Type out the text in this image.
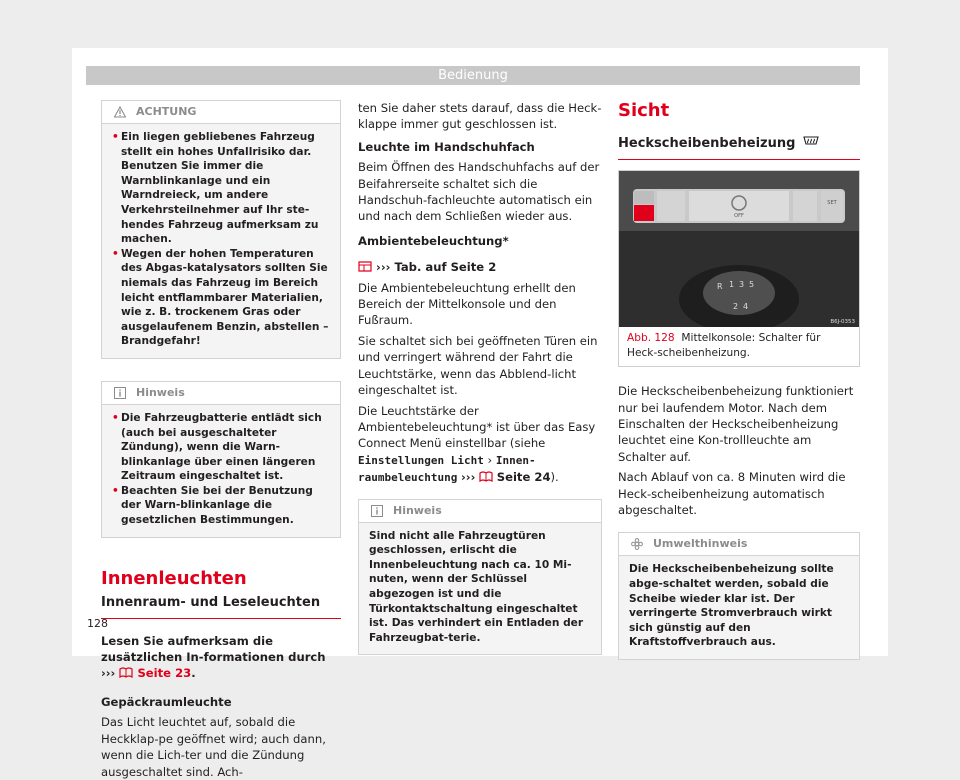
Bedienung
ACHTUNG
• Ein liegen gebliebenes Fahrzeug stellt ein hohes Unfallrisiko dar. Benutzen Sie immer die Warnblinkanlage und ein Warndreieck, um andere Verkehrsteilnehmer auf Ihr ste-hendes Fahrzeug aufmerksam zu machen.
• Wegen der hohen Temperaturen des Abgas-katalysators sollten Sie niemals das Fahrzeug im Bereich leicht entflammbarer Materialien, wie z. B. trockenem Gras oder ausgelaufenem Benzin, abstellen – Brandgefahr!
Hinweis
• Die Fahrzeugbatterie entlädt sich (auch bei ausgeschalteter Zündung), wenn die Warn-blinkanlage über einen längeren Zeitraum eingeschaltet ist.
• Beachten Sie bei der Benutzung der Warn-blinkanlage die gesetzlichen Bestimmungen.
Innenleuchten
Innenraum- und Leseleuchten

Lesen Sie aufmerksam die zusätzlichen In-formationen durch ››› Seite 23.

Gepäckraumleuchte

Das Licht leuchtet auf, sobald die Heckklap-pe geöffnet wird; auch dann, wenn die Lich-ter und die Zündung ausgeschaltet sind. Ach-

ten Sie daher stets darauf, dass die Heck-klappe immer gut geschlossen ist.

Leuchte im Handschuhfach

Beim Öffnen des Handschuhfachs auf der Beifahrerseite schaltet sich die Handschuh-fachleuchte automatisch ein und nach dem Schließen wieder aus.

Ambientebeleuchtung*

››› Tab. auf Seite 2

Die Ambientebeleuchtung erhellt den Bereich der Mittelkonsole und den Fußraum.

Sie schaltet sich bei geöffneten Türen ein und verringert während der Fahrt die Leuchtstärke, wenn das Abblend-licht eingeschaltet ist.

Die Leuchtstärke der Ambientebeleuchtung* ist über das Easy Connect Menü einstellbar (siehe Einstellungen Licht › Innen-raumbeleuchtung ››› Seite 24).

Hinweis
Sind nicht alle Fahrzeugtüren geschlossen, erlischt die Innenbeleuchtung nach ca. 10 Mi-nuten, wenn der Schlüssel abgezogen ist und die Türkontaktschaltung eingeschaltet ist. Das verhindert ein Entladen der Fahrzeugbat-terie.
Sicht
Heckscheibenbeheizung
OFF
SET
R 1 3 5
2 4
B6J-0353
Abb. 128 Mittelkonsole: Schalter für Heck-scheibenheizung.

Die Heckscheibenbeheizung funktioniert nur bei laufendem Motor. Nach dem Einschalten der Heckscheibenheizung leuchtet eine Kon-trollleuchte am Schalter auf.

Nach Ablauf von ca. 8 Minuten wird die Heck-scheibenheizung automatisch abgeschaltet.

Umwelthinweis
Die Heckscheibenbeheizung sollte abge-schaltet werden, sobald die Scheibe wieder klar ist. Der verringerte Stromverbrauch wirkt sich günstig auf den Kraftstoffverbrauch aus.
128
